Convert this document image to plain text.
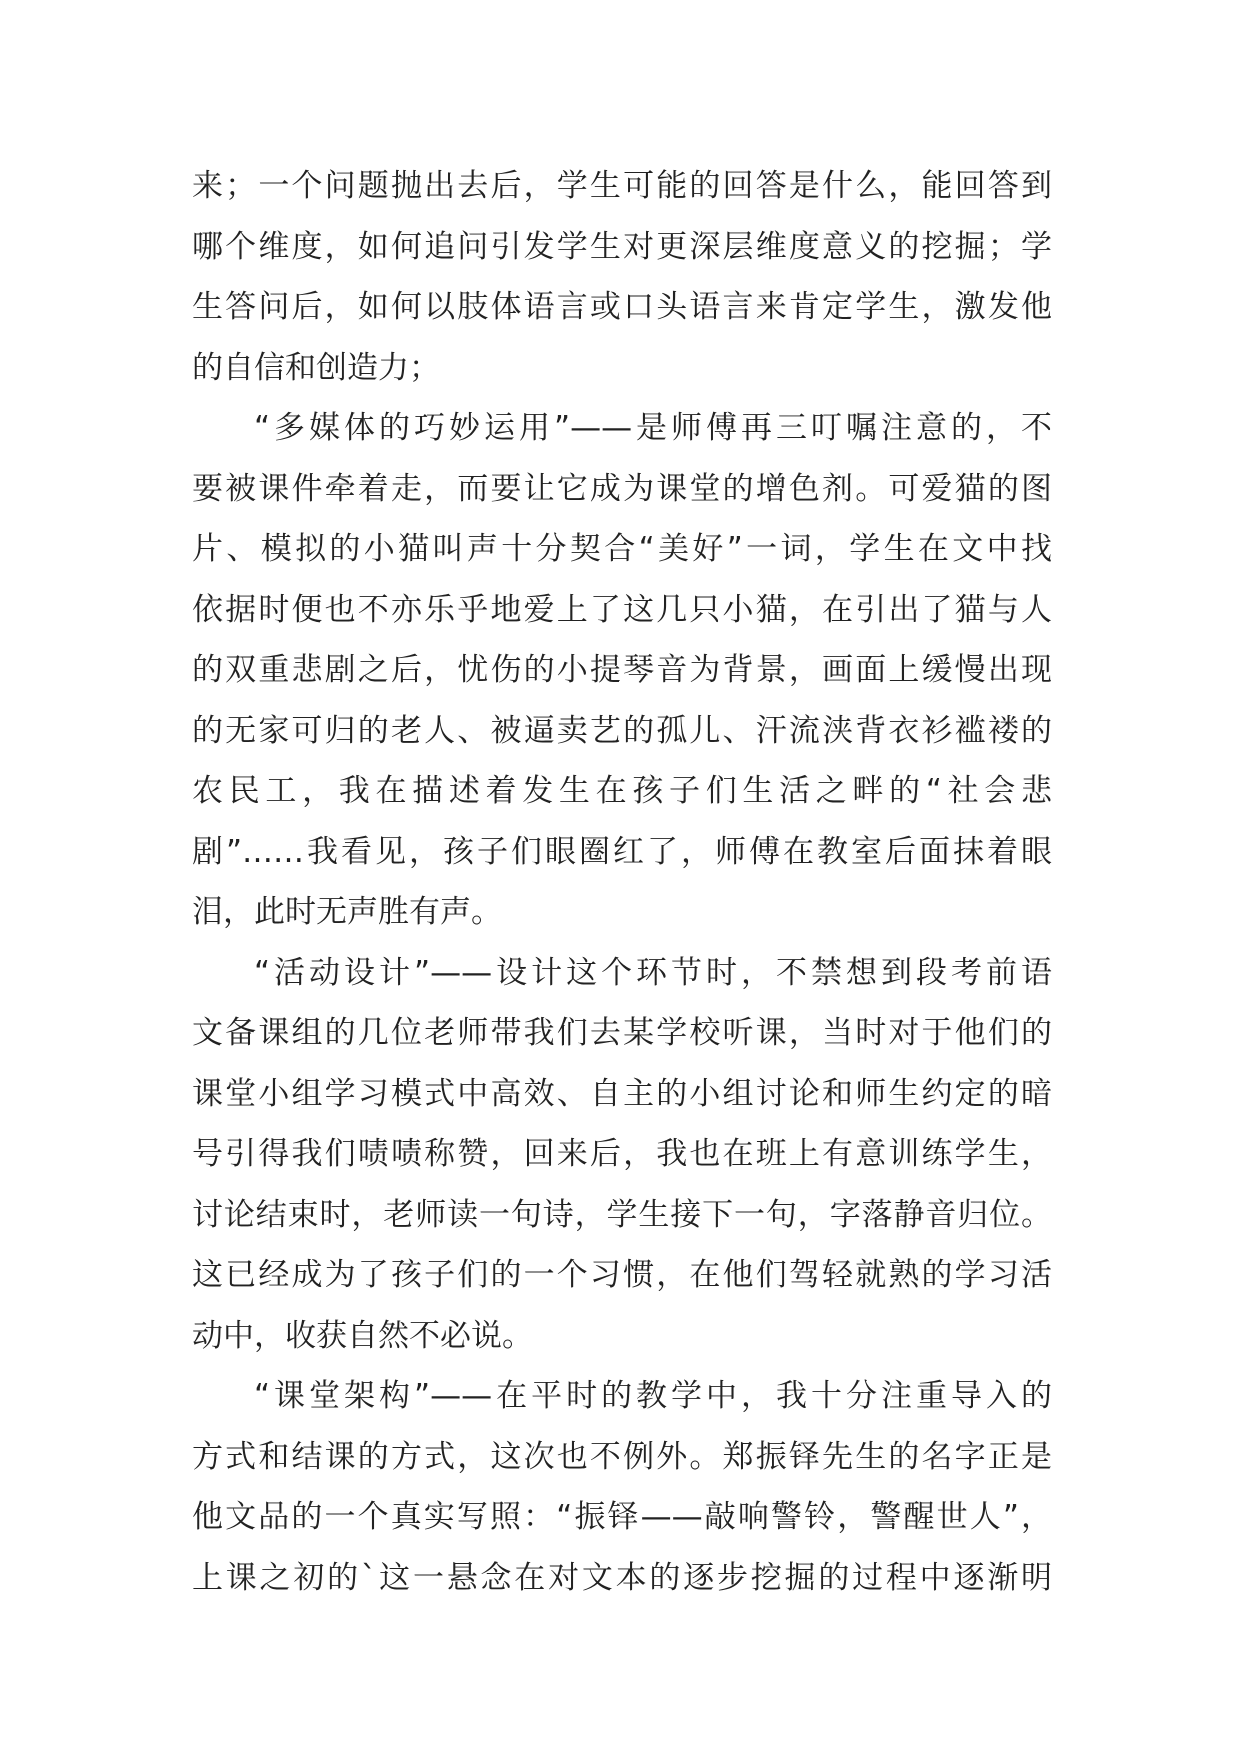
来；一个问题抛出去后，学生可能的回答是什么，能回答到
哪个维度，如何追问引发学生对更深层维度意义的挖掘；学
生答问后，如何以肢体语言或口头语言来肯定学生，激发他
的自信和创造力；
“多媒体的巧妙运用”——是师傅再三叮嘱注意的，不
要被课件牵着走，而要让它成为课堂的增色剂。可爱猫的图
片、模拟的小猫叫声十分契合“美好”一词，学生在文中找
依据时便也不亦乐乎地爱上了这几只小猫，在引出了猫与人
的双重悲剧之后，忧伤的小提琴音为背景，画面上缓慢出现
的无家可归的老人、被逼卖艺的孤儿、汗流浃背衣衫褴褛的
农民工，我在描述着发生在孩子们生活之畔的“社会悲
剧”……我看见，孩子们眼圈红了，师傅在教室后面抹着眼
泪，此时无声胜有声。
“活动设计”——设计这个环节时，不禁想到段考前语
文备课组的几位老师带我们去某学校听课，当时对于他们的
课堂小组学习模式中高效、自主的小组讨论和师生约定的暗
号引得我们啧啧称赞，回来后，我也在班上有意训练学生，
讨论结束时，老师读一句诗，学生接下一句，字落静音归位。
这已经成为了孩子们的一个习惯，在他们驾轻就熟的学习活
动中，收获自然不必说。
“课堂架构”——在平时的教学中，我十分注重导入的
方式和结课的方式，这次也不例外。郑振铎先生的名字正是
他文品的一个真实写照：“振铎——敲响警铃，警醒世人”，
上课之初的`这一悬念在对文本的逐步挖掘的过程中逐渐明
